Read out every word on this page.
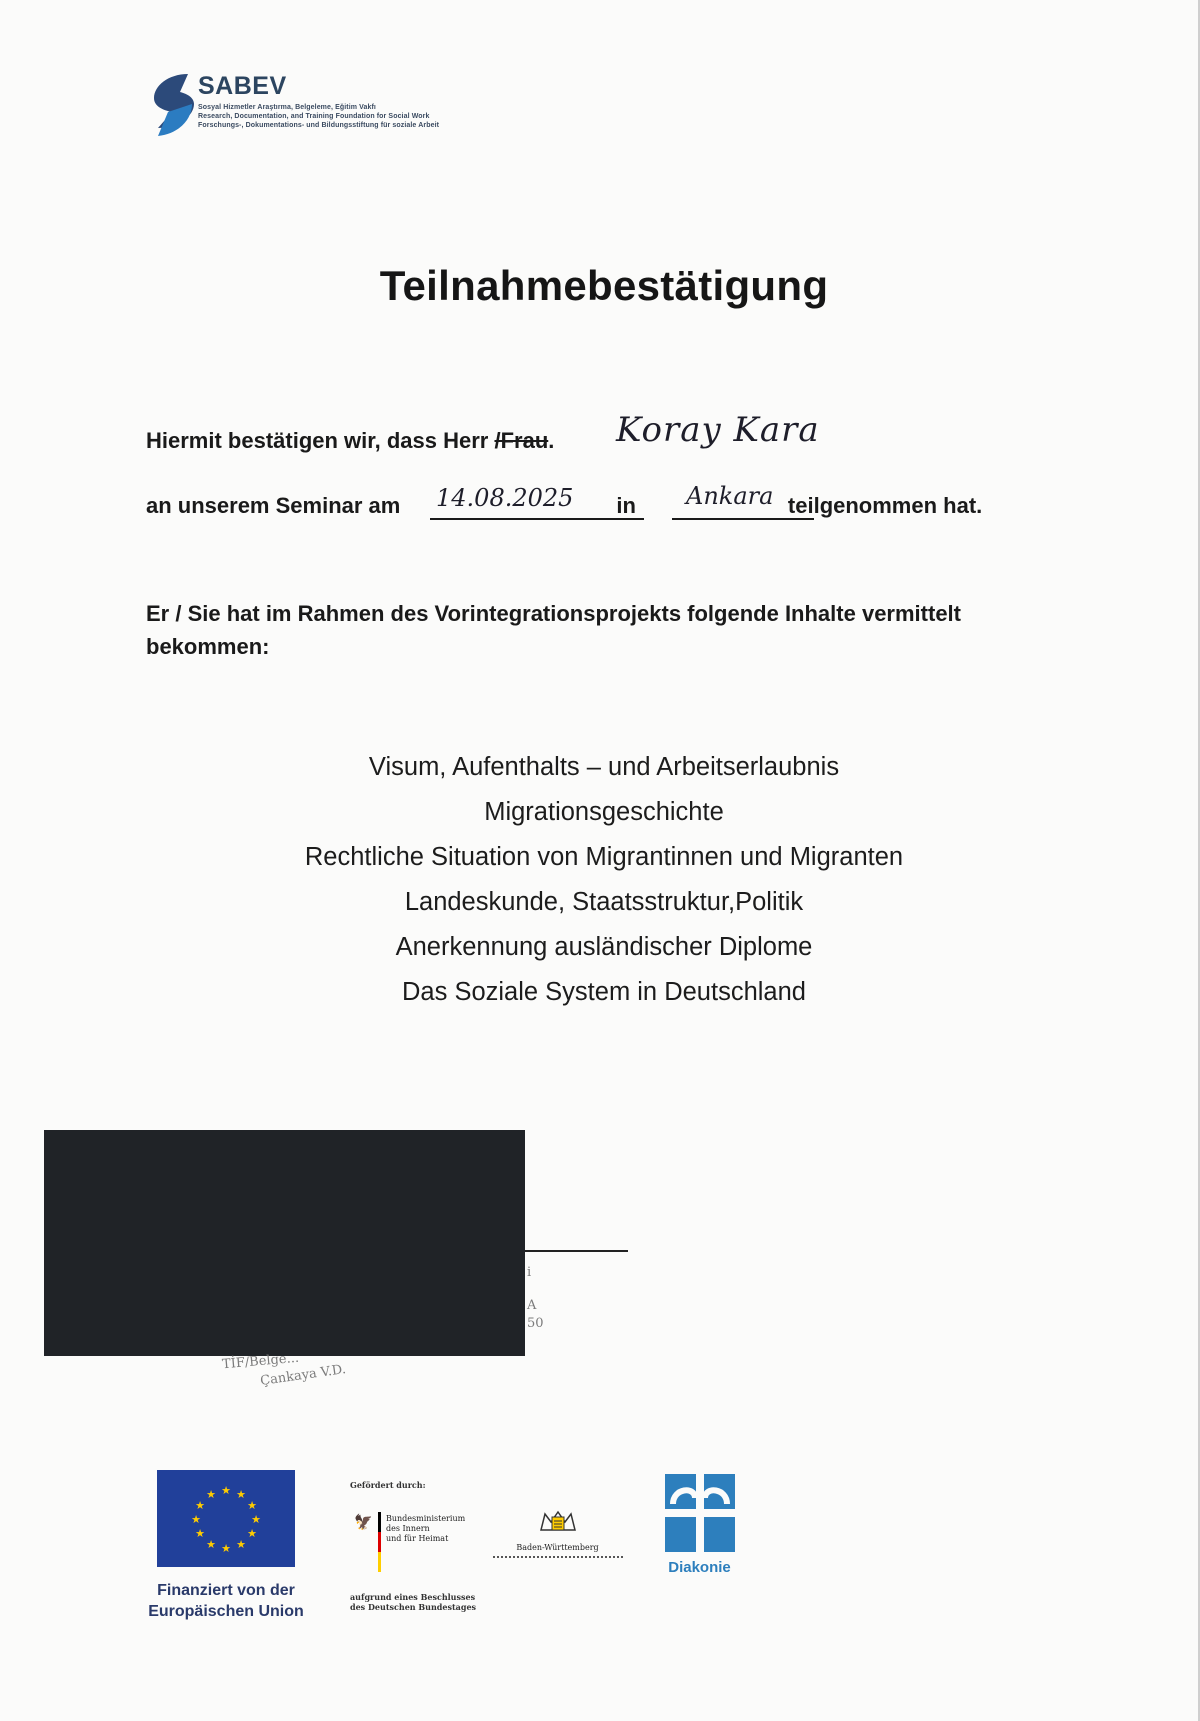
SABEV
Sosyal Hizmetler Araştırma, Belgeleme, Eğitim Vakfı
Research, Documentation, and Training Foundation for Social Work
Forschungs-, Dokumentations- und Bildungsstiftung für soziale Arbeit
Teilnahmebestätigung
Hiermit bestätigen wir, dass Herr /Frau. Koray Kara
an unserem Seminar am	in	teilgenommen hat.
14.08.2025	Ankara

Er / Sie hat im Rahmen des Vorintegrationsprojekts folgende Inhalte vermittelt bekommen:

Visum, Aufenthalts – und Arbeitserlaubnis
Migrationsgeschichte
Rechtliche Situation von Migrantinnen und Migranten
Landeskunde, Staatsstruktur,Politik
Anerkennung ausländischer Diplome
Das Soziale System in Deutschland
i
A
50
TİF/Belge...
Çankaya V.D.
★ ★
★
★
★
★
★
★
★
★
★
★
Finanziert von der
Europäischen Union
Gefördert durch:
🦅 Bundesministerium
des Innern
und für Heimat
aufgrund eines Beschlusses
des Deutschen Bundestages
Baden-Württemberg
Diakonie
